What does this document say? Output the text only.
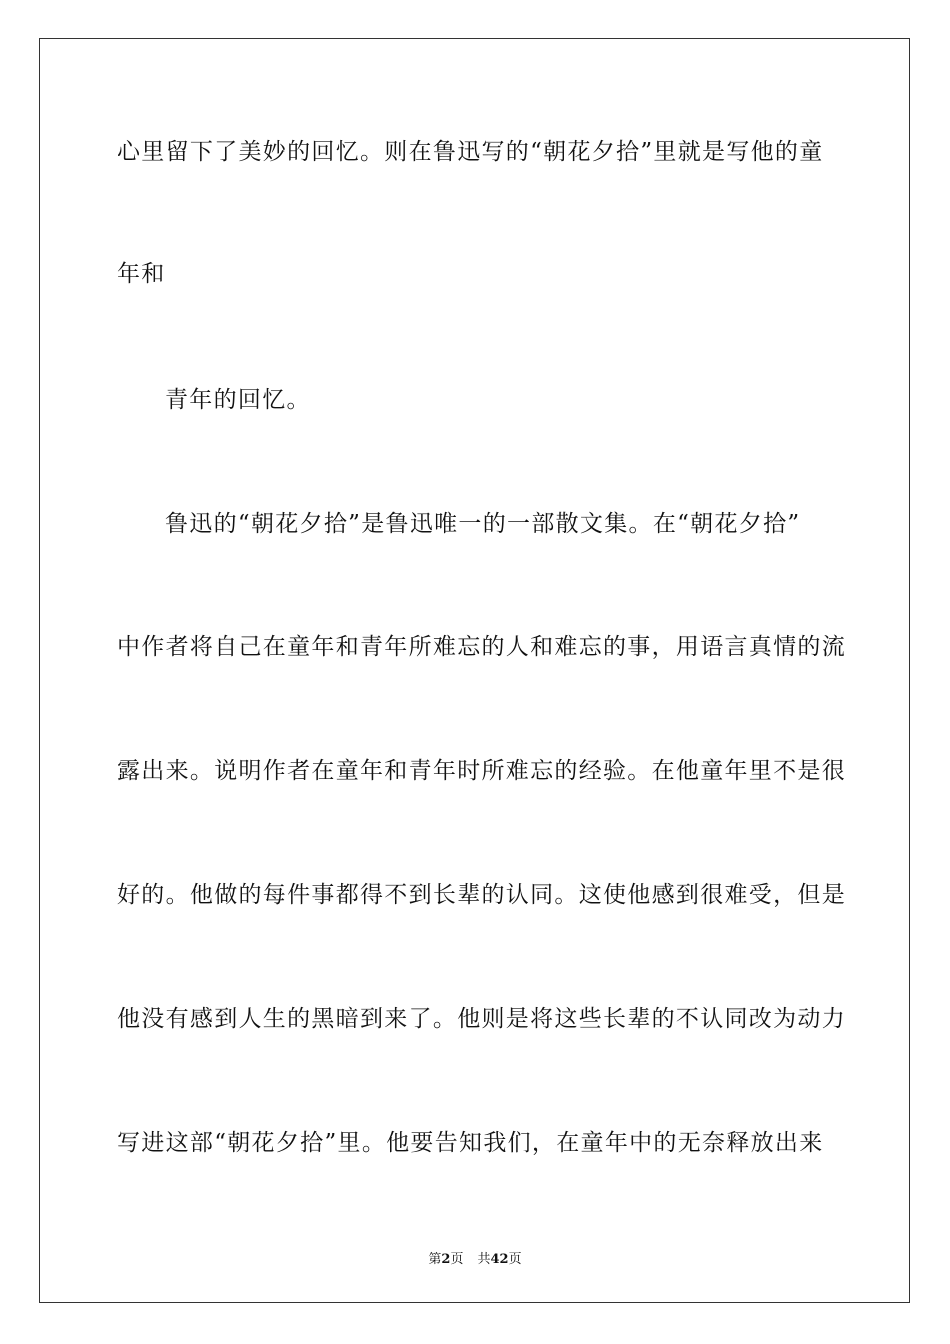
心里留下了美妙的回忆。则在鲁迅写的“朝花夕拾”里就是写他的童
年和
青年的回忆。
鲁迅的“朝花夕拾”是鲁迅唯一的一部散文集。在“朝花夕拾”
中作者将自己在童年和青年所难忘的人和难忘的事，用语言真情的流
露出来。说明作者在童年和青年时所难忘的经验。在他童年里不是很
好的。他做的每件事都得不到长辈的认同。这使他感到很难受，但是
他没有感到人生的黑暗到来了。他则是将这些长辈的不认同改为动力
写进这部“朝花夕拾”里。他要告知我们，在童年中的无奈释放出来
第2页 共42页
